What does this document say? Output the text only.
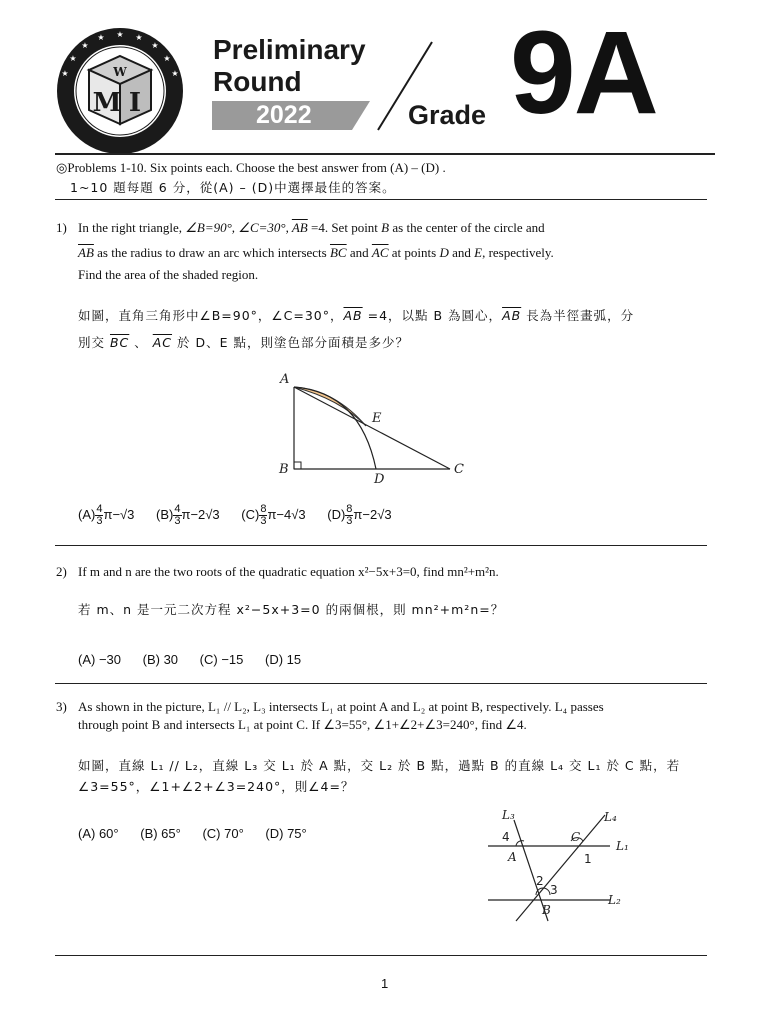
★
★	★
★	★
★	★
★	★
M I
W
Preliminary
Round
2022	Grade 9A
◎Problems 1-10. Six points each. Choose the best answer from (A) – (D) .
1~10 題每題 6 分，從(A) – (D)中選擇最佳的答案。
1) In the right triangle, ∠B=90°, ∠C=30°, $\overline{AB} =4$. Set point B as the center of the circle and
$\overline{AB}$ as the radius to draw an arc which intersects $\overline{BC}$ and $\overline{AC}$ at points D and E, respectively.
Find the area of the shaded region.
如圖，直角三角形中∠B=90°，∠C=30°，$\overline{AB} =4$，以點 B 為圓心，$\overline{AB}$ 長為半徑畫弧，分
別交 $\overline{BC}$ 、 $\overline{AC}$ 於 D、E 點，則塗色部分面積是多少？
A
B	C
D
E
$(A) \frac{4}{3} \pi-√3$ $(B) \frac{4}{3} \pi-2√3$ $(C) \frac{8}{3} \pi-4√3$ $(D) \frac{8}{3} \pi-2√3$
2) If m and n are the two roots of the quadratic equation x²−5x+3=0, find mn²+m²n.
若 m、n 是一元二次方程 x²−5x+3=0 的兩個根，則 mn²+m²n=？
(A) −30 (B) 30 (C) −15 (D) 15
3) As shown in the picture, L₁ // L₂, L₃ intersects L₁ at point A and L₂ at point B, respectively. L₄ passes
through point B and intersects L₁ at point C. If ∠3=55°, ∠1+∠2+∠3=240°, find ∠4.
如圖，直線 L₁ // L₂，直線 L₃ 交 L₁ 於 A 點，交 L₂ 於 B 點，過點 B 的直線 L₄ 交 L₁ 於 C 點，若
∠3=55°，∠1+∠2+∠3=240°，則∠4=？
(A) 60° (B) 65° (C) 70° (D) 75°
L₃	L₄
L₁
L₂
A
B
C
4
1
2
3
1
